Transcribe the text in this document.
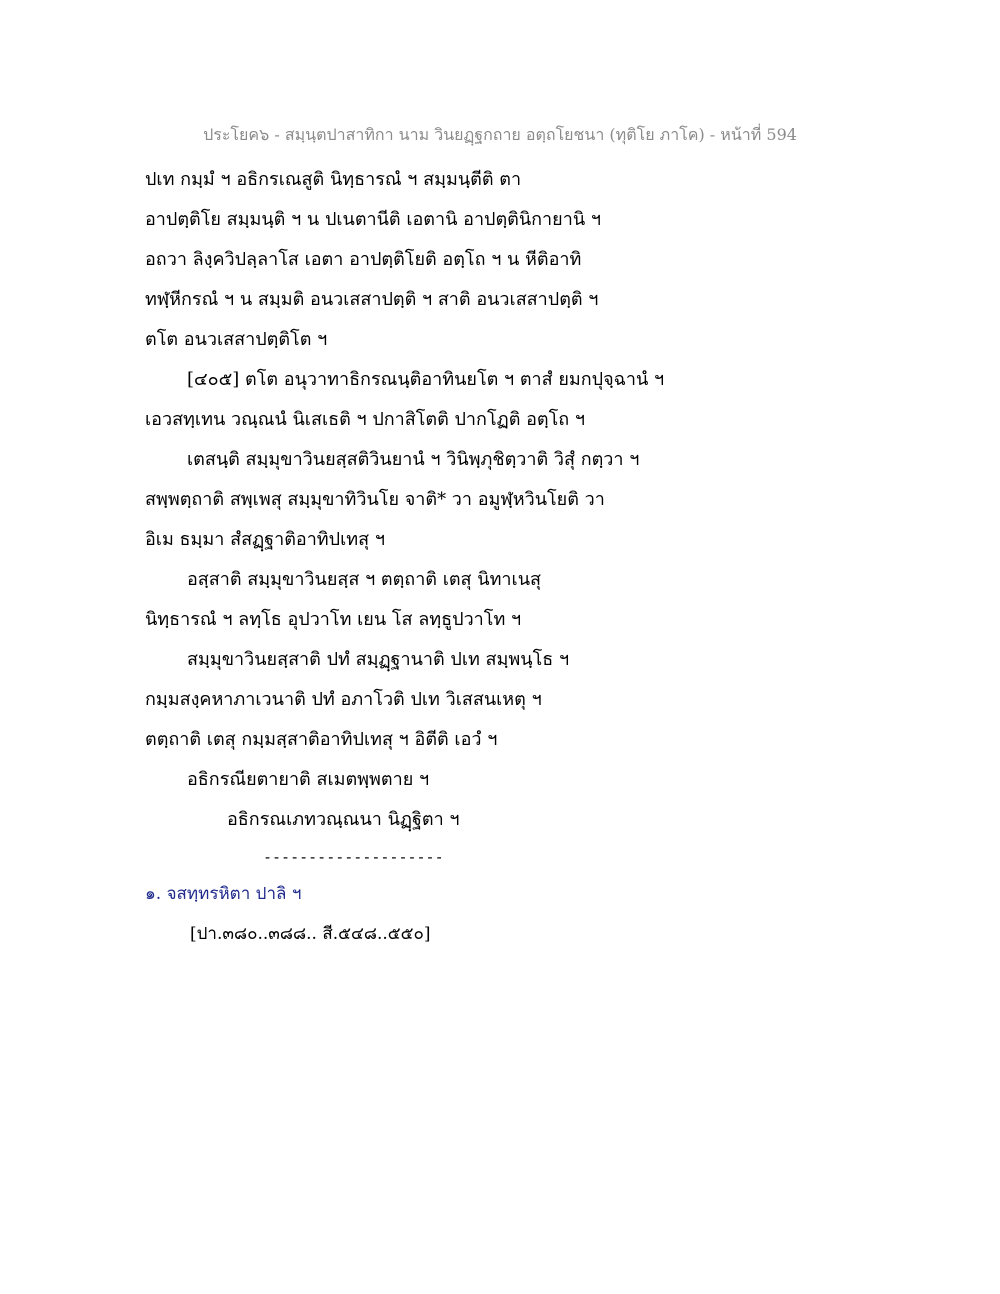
ประโยค๖ - สมฺนฺตปาสาทิกา นาม วินยฏฺฐกถาย อตฺถโยชนา (ทุติโย ภาโค) - หน้าที่ 594
ปเท กมฺมํ ฯ อธิกรเณสูติ นิทฺธารณํ ฯ สมฺมนฺตีติ ตา
อาปตฺติโย สมฺมนฺติ ฯ น ปเนตานีติ เอตานิ อาปตฺตินิกายานิ ฯ
อถวา ลิงฺควิปลฺลาโส เอตา อาปตฺติโยติ อตฺโถ ฯ น หีติอาทิ
ทฬฺหีกรณํ ฯ น สมฺมติ อนวเสสาปตฺติ ฯ สาติ อนวเสสาปตฺติ ฯ
ตโต อนวเสสาปตฺติโต ฯ
[๔๐๕] ตโต อนุวาทาธิกรณนฺติอาทินยโต ฯ ตาสํ ยมกปุจฺฉานํ ฯ
เอวสทฺเทน วณฺณนํ นิเสเธติ ฯ ปกาสิโตติ ปากโฏติ อตฺโถ ฯ
เตสนฺติ สมฺมุขาวินยสฺสติวินยานํ ฯ วินิพฺภุชิตฺวาติ วิสุํ กตฺวา ฯ
สพฺพตฺถาติ สพฺเพสุ สมฺมุขาทิวินโย จาติ* วา อมูฬฺหวินโยติ วา
อิเม ธมฺมา สํสฏฺฐาติอาทิปเทสุ ฯ
อสฺสาติ สมฺมุขาวินยสฺส ฯ ตตฺถาติ เตสุ นิทาเนสุ
นิทฺธารณํ ฯ ลทฺโธ อุปวาโท เยน โส ลทฺธูปวาโท ฯ
สมฺมุขาวินยสฺสาติ ปทํ สมฺฏฺฐานาติ ปเท สมฺพนฺโธ ฯ
กมฺมสงฺคหาภาเวนาติ ปทํ อภาโวติ ปเท วิเสสนเหตุ ฯ
ตตฺถาติ เตสุ กมฺมสฺสาติอาทิปเทสุ ฯ อิตีติ เอวํ ฯ
อธิกรณียตายาติ สเมตพฺพตาย ฯ
อธิกรณเภทวณฺณนา นิฏฺฐิตา ฯ
--------------------
๑. จสทฺทรหิตา ปาลิ ฯ
[ปา.๓๘๐..๓๘๘.. สี.๕๔๘..๕๕๐]
